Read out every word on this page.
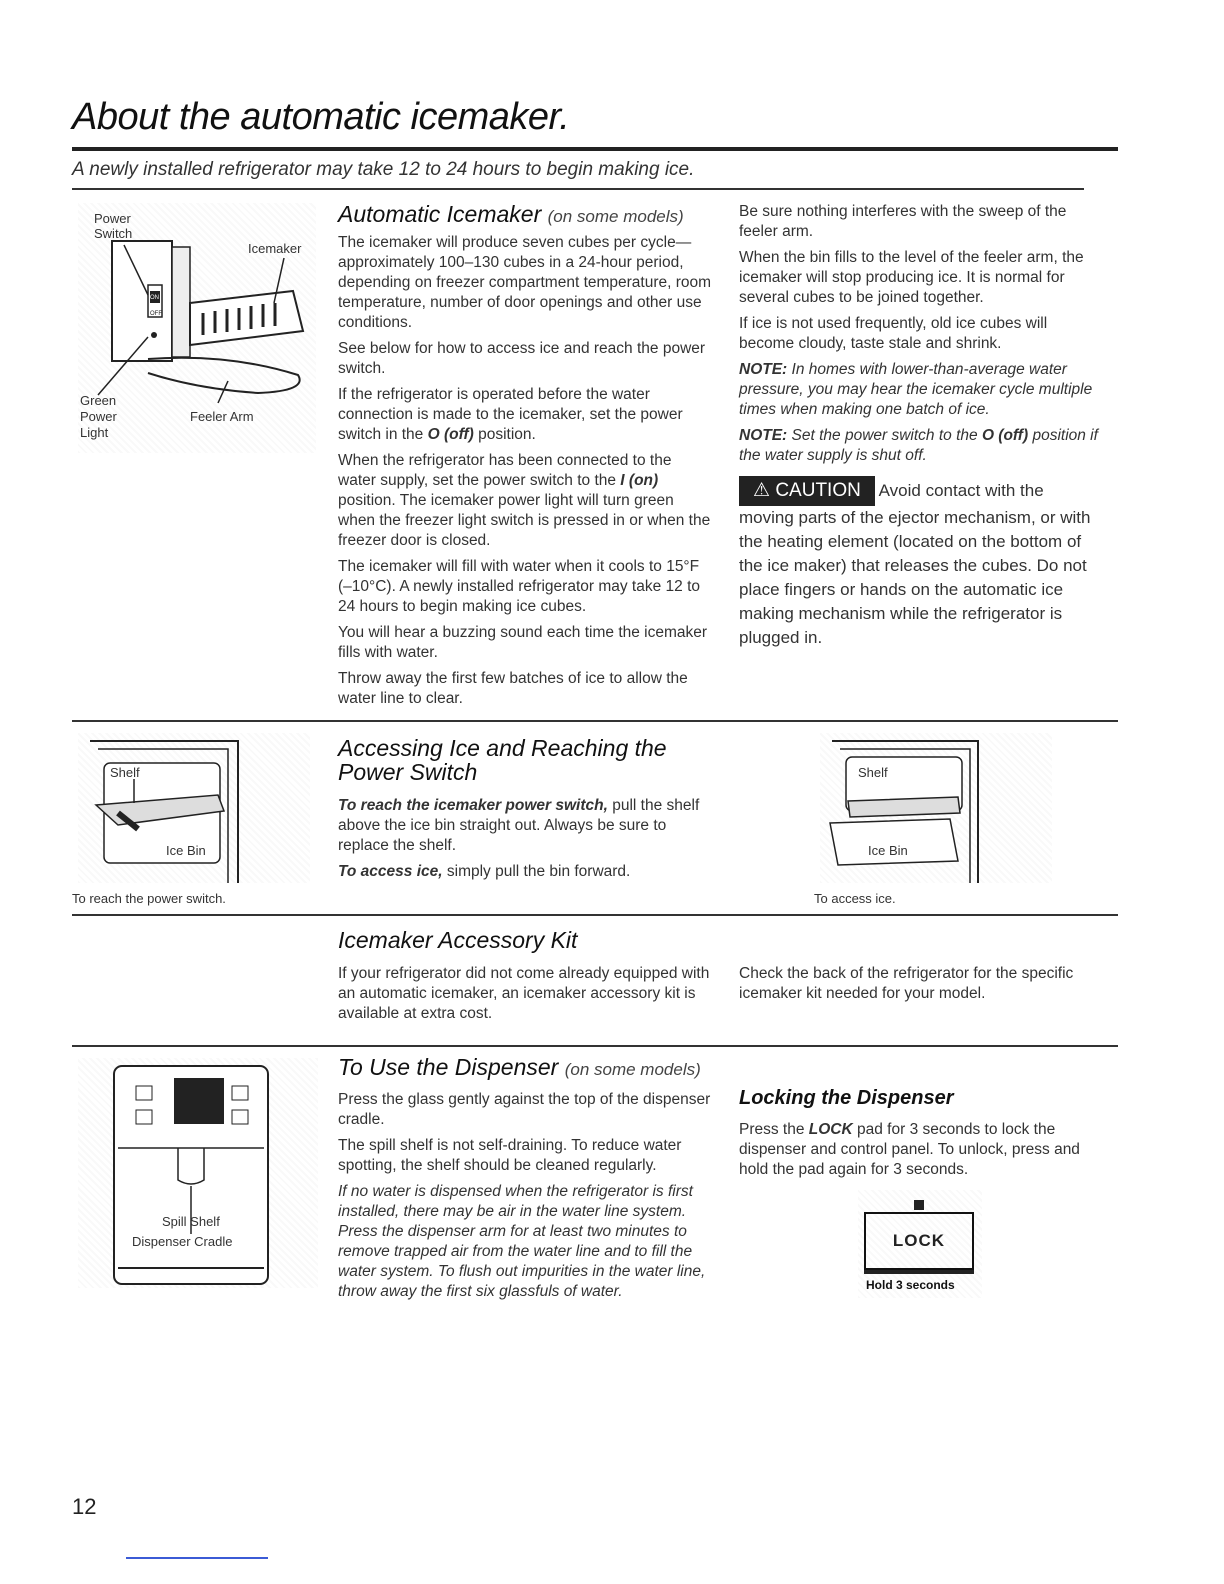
About the automatic icemaker.
A newly installed refrigerator may take 12 to 24 hours to begin making ice.
ON
OFF
Power
Switch
Icemaker
Green
Power
Light
Feeler Arm
Automatic Icemaker (on some models)

The icemaker will produce seven cubes per cycle—approximately 100–130 cubes in a 24-hour period, depending on freezer compartment temperature, room temperature, number of door openings and other use conditions.

See below for how to access ice and reach the power switch.

If the refrigerator is operated before the water connection is made to the icemaker, set the power switch in the O (off) position.

When the refrigerator has been connected to the water supply, set the power switch to the I (on) position. The icemaker power light will turn green when the freezer light switch is pressed in or when the freezer door is closed.

The icemaker will fill with water when it cools to 15°F (–10°C). A newly installed refrigerator may take 12 to 24 hours to begin making ice cubes.

You will hear a buzzing sound each time the icemaker fills with water.

Throw away the first few batches of ice to allow the water line to clear.

Be sure nothing interferes with the sweep of the feeler arm.

When the bin fills to the level of the feeler arm, the icemaker will stop producing ice. It is normal for several cubes to be joined together.

If ice is not used frequently, old ice cubes will become cloudy, taste stale and shrink.

NOTE: In homes with lower-than-average water pressure, you may hear the icemaker cycle multiple times when making one batch of ice.

NOTE: Set the power switch to the O (off) position if the water supply is shut off.

⚠ CAUTION Avoid contact with the moving parts of the ejector mechanism, or with the heating element (located on the bottom of the ice maker) that releases the cubes. Do not place fingers or hands on the automatic ice making mechanism while the refrigerator is plugged in.
Shelf
Ice Bin
To reach the power switch.
Accessing Ice and Reaching the
Power Switch

To reach the icemaker power switch, pull the shelf above the ice bin straight out. Always be sure to replace the shelf.

To access ice, simply pull the bin forward.

Shelf
Ice Bin
To access ice.
Icemaker Accessory Kit
If your refrigerator did not come already equipped with an automatic icemaker, an icemaker accessory kit is available at extra cost.
Check the back of the refrigerator for the specific icemaker kit needed for your model.
Spill Shelf
Dispenser Cradle
To Use the Dispenser (on some models)

Press the glass gently against the top of the dispenser cradle.

The spill shelf is not self-draining. To reduce water spotting, the shelf should be cleaned regularly.

If no water is dispensed when the refrigerator is first installed, there may be air in the water line system. Press the dispenser arm for at least two minutes to remove trapped air from the water line and to fill the water system. To flush out impurities in the water line, throw away the first six glassfuls of water.

Locking the Dispenser

Press the LOCK pad for 3 seconds to lock the dispenser and control panel. To unlock, press and hold the pad again for 3 seconds.

LOCK
Hold 3 seconds
12
